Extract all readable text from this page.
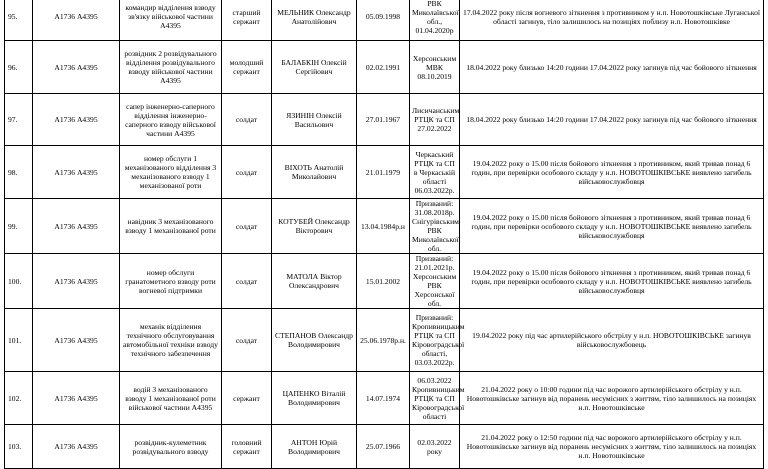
95.	А1736 А4395	командир відділення взводу зв'язку військової частини А4395	старший сержант	МЕЛЬНИК Олександр Анатолійович	05.09.1998	РВК Миколаївської обл., 01.04.2020р	17.04.2022 року після вогневого зіткнення з противником у н.п. Новотошківське Луганської області загинув, тіло залишилось на позиціях поблизу н.п. Новотошківке

96.	А1736 А4395	розвідник 2 розвідувального відділення розвідувального взводу військової частини А4395	молодший сержант	БАЛАБКІН Олексій Сергійович	02.02.1991	Херсонським МВК 08.10.2019	18.04.2022 року близько 14:20 години 17.04.2022 року загинув під час бойового зіткнення

97.	А1736 А4395	сапер інженерно-саперного відділення інженерно-саперного взводу військової частини А4395	солдат	ЯЗИНІН Олексій Васильович	27.01.1967	Лисичанським РТЦК та СП 27.02.2022	18.04.2022 року близько 14:20 години 17.04.2022 року загинув під час бойового зіткнення

98.	А1736 А4395	номер обслуги 1 механізованого відділення 3 механізованого взводу 1 механізованої роти	солдат	ВІХОТЬ Анатолій Миколайович	21.01.1979	Черкаський РТЦК та СП в Черкаській області 06.03.2022р.	19.04.2022 року о 15.00 після бойового зіткнення з противником, який тривав понад 6 годин, при перевірки особового складу у н.п. НОВОТОШКІВСЬКЕ виявлено загибель військовослужбовця

99.	А1736 А4395	навідник 3 механізованого взводу 1 механізованої роти	солдат	КОТУБЕЙ Олександр Вікторович	13.04.1984р.н	Призваний: 31.08.2018р. Снігурівським РВК Миколаївської обл.	19.04.2022 року о 15.00 після бойового зіткнення з противником, який тривав понад 6 годин, при перевірки особового складу у н.п. НОВОТОШКІВСЬКЕ виявлено загибель військовослужбовця

100.	А1736 А4395	номер обслуги гранатометного взводу роти вогневої підтримки	солдат	МАТОЛА Віктор Олександрович	15.01.2002	Призваний: 21.01.2021р. Херсонським РВК Херсонської обл.	19.04.2022 року о 15.00 після бойового зіткнення з противником, який тривав понад 6 годин, при перевірки особового складу у н.п. НОВОТОШКІВСЬКЕ виявлено загибель військовослужбовця

101.	А1736 А4395	механік відділення технічного обслуговування автомобільної техніки взводу технічного забезпечення	солдат	СТЕПАНОВ Олександр Володимирович	25.06.1978р.н.	Призваний: Кропивницьким РТЦК та СП Кіровоградської області, 03.03.2022р.	19.04.2022 року під час артилерійського обстрілу у н.п. НОВОТОШКІВСЬКЕ загинув військовослужбовець

102.	А1736 А4395	водій 3 механізованого взводу 1 механізованої роти військової частини А4395	сержант	ЦАПЕНКО Віталій Володимирович	14.07.1974	06.03.2022 Кропивницьким РТЦК та СП Кіровоградської області	21.04.2022 року о 10:00 години під час ворожого артилерійського обстрілу у н.п. Новотошківське загинув від поранень несумісних з життям, тіло залишилось на позиціях н.п. Новотошківське

103.	А1736 А4395	розвідник-кулеметник розвідувального взводу	головний сержант	АНТОН Юрій Володимирович	25.07.1966	02.03.2022 року	21.04.2022 року о 12:50 години під час ворожого артилерійського обстрілу у н.п. Новотошківське загинув від поранень несумісних з життям, тіло залишилось на позиціях н.п. Новотошківське
